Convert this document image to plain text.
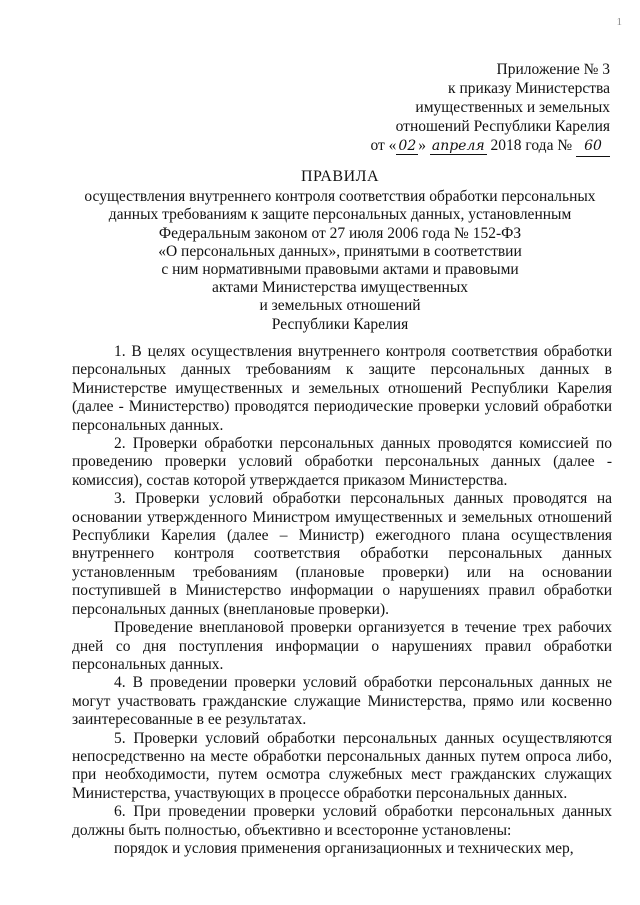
1
Приложение № 3
к приказу Министерства
имущественных и земельных
отношений Республики Карелия
от « 02 » апреля 2018 года № 60
ПРАВИЛА
осуществления внутреннего контроля соответствия обработки персональных
данных требованиям к защите персональных данных, установленным
Федеральным законом от 27 июля 2006 года № 152-ФЗ
«О персональных данных», принятыми в соответствии
с ним нормативными правовыми актами и правовыми
актами Министерства имущественных
и земельных отношений
Республики Карелия

1. В целях осуществления внутреннего контроля соответствия обработки персональных данных требованиям к защите персональных данных в Министерстве имущественных и земельных отношений Республики Карелия (далее - Министерство) проводятся периодические проверки условий обработки персональных данных.

2. Проверки обработки персональных данных проводятся комиссией по проведению проверки условий обработки персональных данных (далее - комиссия), состав которой утверждается приказом Министерства.

3. Проверки условий обработки персональных данных проводятся на основании утвержденного Министром имущественных и земельных отношений Республики Карелия (далее – Министр) ежегодного плана осуществления внутреннего контроля соответствия обработки персональных данных установленным требованиям (плановые проверки) или на основании поступившей в Министерство информации о нарушениях правил обработки персональных данных (внеплановые проверки).

Проведение внеплановой проверки организуется в течение трех рабочих дней со дня поступления информации о нарушениях правил обработки персональных данных.

4. В проведении проверки условий обработки персональных данных не могут участвовать гражданские служащие Министерства, прямо или косвенно заинтересованные в ее результатах.

5. Проверки условий обработки персональных данных осуществляются непосредственно на месте обработки персональных данных путем опроса либо, при необходимости, путем осмотра служебных мест гражданских служащих Министерства, участвующих в процессе обработки персональных данных.

6. При проведении проверки условий обработки персональных данных должны быть полностью, объективно и всесторонне установлены:

порядок и условия применения организационных и технических мер,
